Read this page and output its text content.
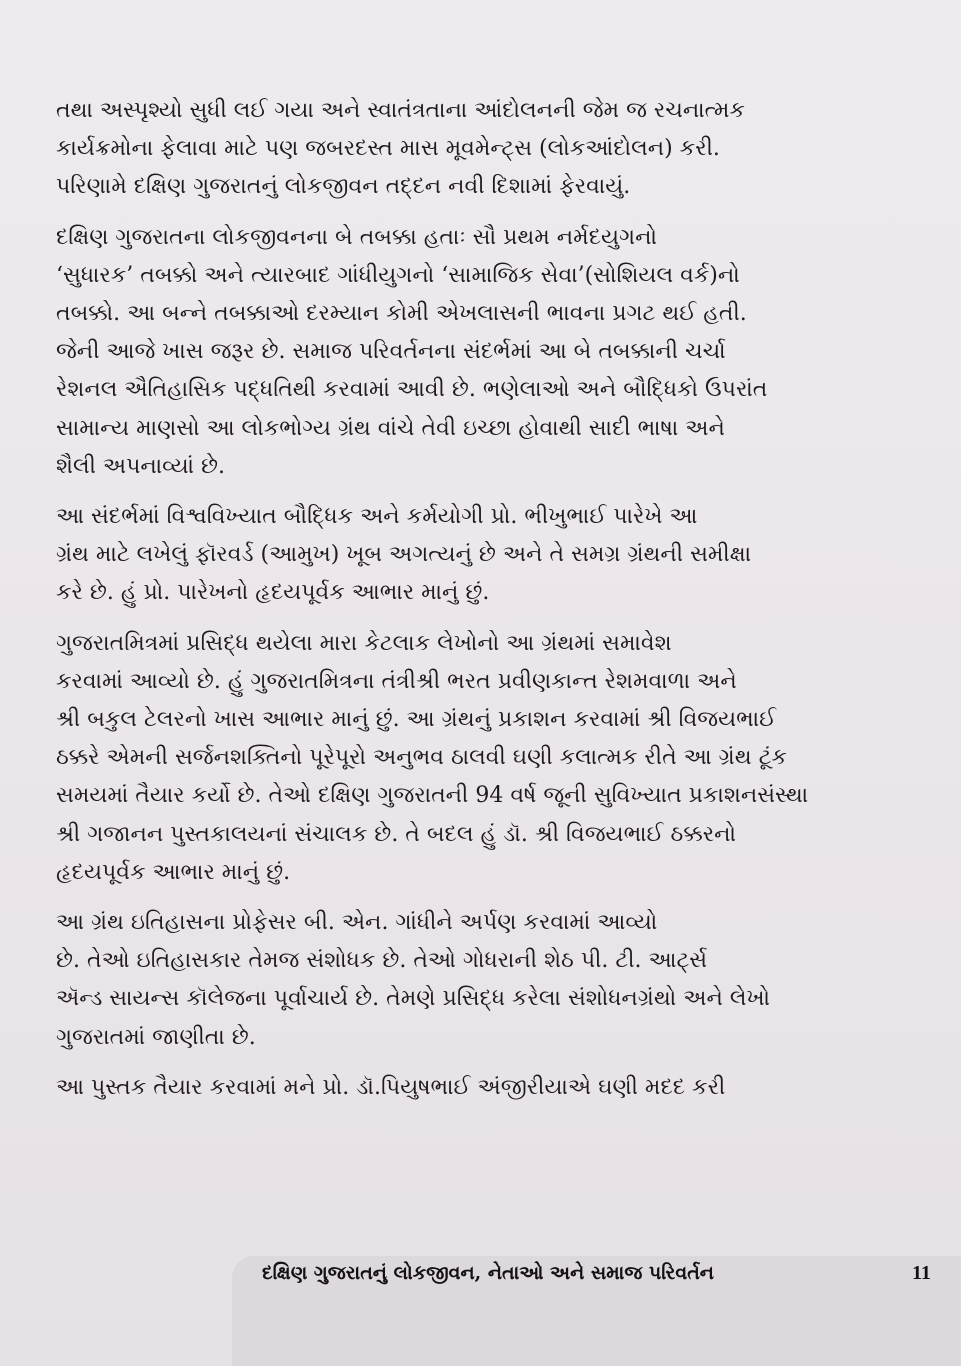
તથા અસ્પૃશ્યો સુધી લઈ ગયા અને સ્વાતંત્રતાના આંદોલનની જેમ જ રચનાત્મક
કાર્યક્રમોના ફેલાવા માટે પણ જબરદસ્ત માસ મૂવમેન્ટ્સ (લોકઆંદોલન) કરી.
પરિણામે દક્ષિણ ગુજરાતનું લોકજીવન તદ્દન નવી દિશામાં ફેરવાયું.
દક્ષિણ ગુજરાતના લોકજીવનના બે તબક્કા હતાઃ સૌ પ્રથમ નર્મદયુગનો
‘સુધારક’ તબક્કો અને ત્યારબાદ ગાંધીયુગનો ‘સામાજિક સેવા’(સોશિયલ વર્ક)નો
તબક્કો. આ બન્ને તબક્કાઓ દરમ્યાન કોમી એખલાસની ભાવના પ્રગટ થઈ હતી.
જેની આજે ખાસ જરૂર છે. સમાજ પરિવર્તનના સંદર્ભમાં આ બે તબક્કાની ચર્ચા
રેશનલ ઐતિહાસિક પદ્ધતિથી કરવામાં આવી છે. ભણેલાઓ અને બૌદ્ધિકો ઉપરાંત
સામાન્ય માણસો આ લોકભોગ્ય ગ્રંથ વાંચે તેવી ઇચ્છા હોવાથી સાદી ભાષા અને
શૈલી અપનાવ્યાં છે.
આ સંદર્ભમાં વિશ્વવિખ્યાત બૌદ્ધિક અને કર્મયોગી પ્રો. ભીખુભાઈ પારેખે આ
ગ્રંથ માટે લખેલું ફૉરવર્ડ (આમુખ) ખૂબ અગત્યનું છે અને તે સમગ્ર ગ્રંથની સમીક્ષા
કરે છે. હું પ્રો. પારેખનો હૃદયપૂર્વક આભાર માનું છું.
ગુજરાતમિત્રમાં પ્રસિદ્ધ થયેલા મારા કેટલાક લેખોનો આ ગ્રંથમાં સમાવેશ
કરવામાં આવ્યો છે. હું ગુજરાતમિત્રના તંત્રીશ્રી ભરત પ્રવીણકાન્ત રેશમવાળા અને
શ્રી બકુલ ટેલરનો ખાસ આભાર માનું છું. આ ગ્રંથનું પ્રકાશન કરવામાં શ્રી વિજયભાઈ
ઠક્કરે એમની સર્જનશક્તિનો પૂરેપૂરો અનુભવ ઠાલવી ઘણી કલાત્મક રીતે આ ગ્રંથ ટૂંક
સમયમાં તૈયાર કર્યો છે. તેઓ દક્ષિણ ગુજરાતની 94 વર્ષ જૂની સુવિખ્યાત પ્રકાશનસંસ્થા
શ્રી ગજાનન પુસ્તકાલયનાં સંચાલક છે. તે બદલ હું ડૉ. શ્રી વિજયભાઈ ઠક્કરનો
હૃદયપૂર્વક આભાર માનું છું.
આ ગ્રંથ ઇતિહાસના પ્રોફેસર બી. એન. ગાંધીને અર્પણ કરવામાં આવ્યો
છે. તેઓ ઇતિહાસકાર તેમજ સંશોધક છે. તેઓ ગોધરાની શેઠ પી. ટી. આર્ટ્સ
ઍન્ડ સાયન્સ કૉલેજના પૂર્વાચાર્ય છે. તેમણે પ્રસિદ્ધ કરેલા સંશોધનગ્રંથો અને લેખો
ગુજરાતમાં જાણીતા છે.
આ પુસ્તક તૈયાર કરવામાં મને પ્રો. ડૉ.પિયુષભાઈ અંજીરીયાએ ઘણી મદદ કરી
દક્ષિણ ગુજરાતનું લોકજીવન, નેતાઓ અને સમાજ પરિવર્તન	11
